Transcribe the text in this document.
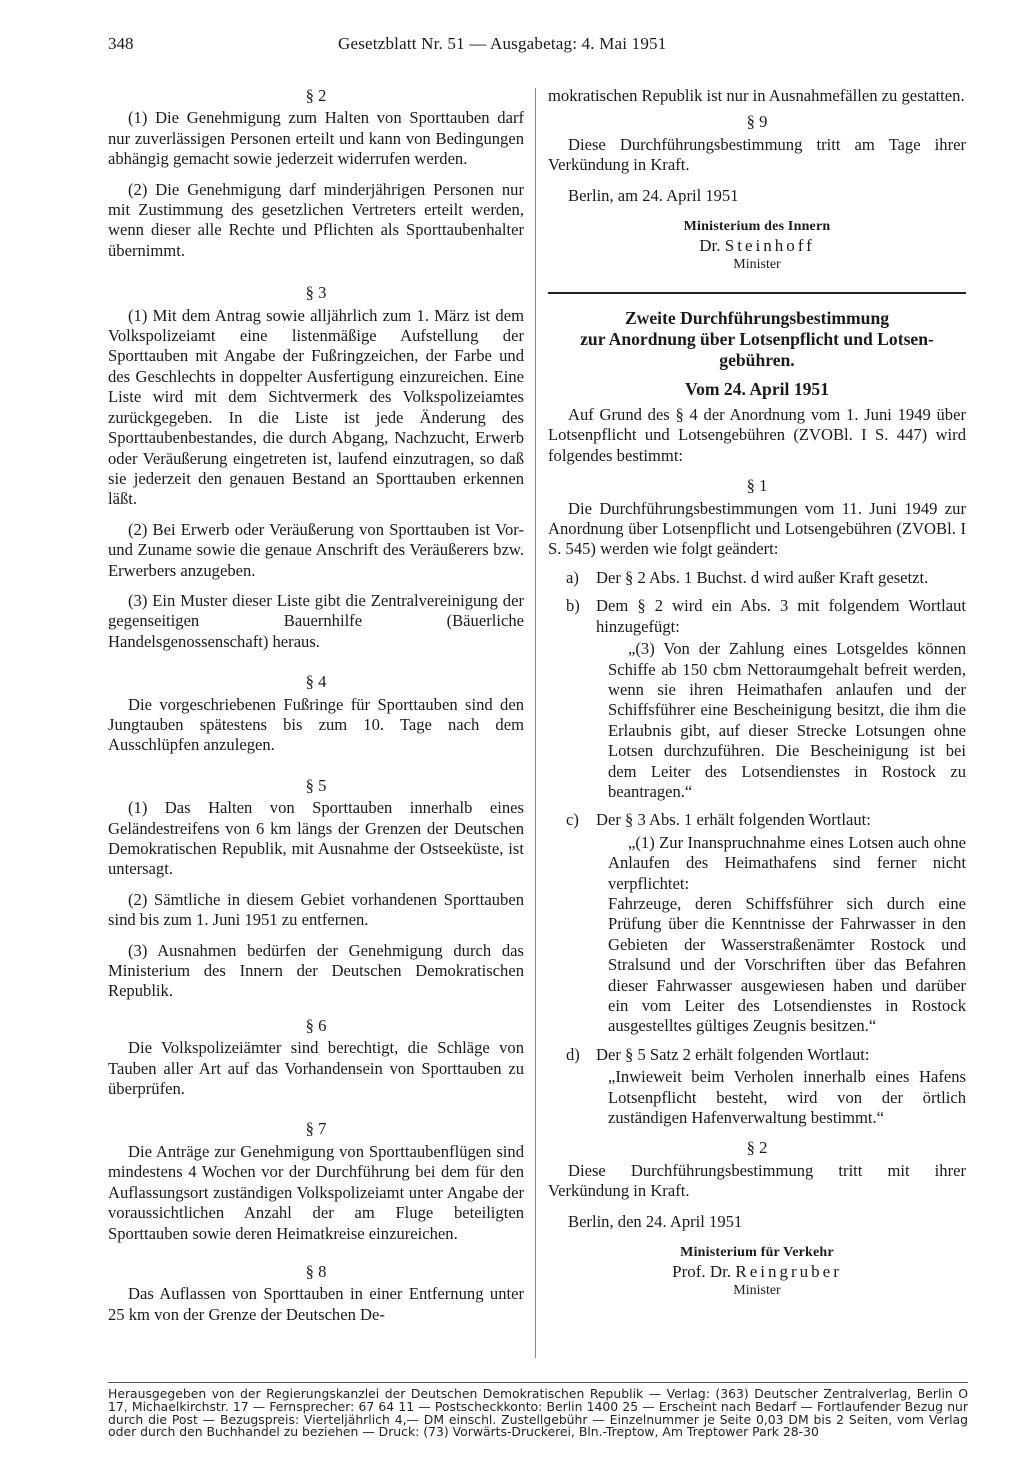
348	Gesetzblatt Nr. 51 — Ausgabetag: 4. Mai 1951

§ 2

(1) Die Genehmigung zum Halten von Sporttauben darf nur zuverlässigen Personen erteilt und kann von Bedingungen abhängig gemacht sowie jederzeit widerrufen werden.

(2) Die Genehmigung darf minderjährigen Personen nur mit Zustimmung des gesetzlichen Vertreters erteilt werden, wenn dieser alle Rechte und Pflichten als Sporttaubenhalter übernimmt.

§ 3

(1) Mit dem Antrag sowie alljährlich zum 1. März ist dem Volkspolizeiamt eine listenmäßige Aufstellung der Sporttauben mit Angabe der Fußringzeichen, der Farbe und des Geschlechts in doppelter Ausfertigung einzureichen. Eine Liste wird mit dem Sichtvermerk des Volkspolizeiamtes zurückgegeben. In die Liste ist jede Änderung des Sporttaubenbestandes, die durch Abgang, Nachzucht, Erwerb oder Veräußerung eingetreten ist, laufend einzutragen, so daß sie jederzeit den genauen Bestand an Sporttauben erkennen läßt.

(2) Bei Erwerb oder Veräußerung von Sporttauben ist Vor- und Zuname sowie die genaue Anschrift des Veräußerers bzw. Erwerbers anzugeben.

(3) Ein Muster dieser Liste gibt die Zentralvereinigung der gegenseitigen Bauernhilfe (Bäuerliche Handelsgenossenschaft) heraus.

§ 4

Die vorgeschriebenen Fußringe für Sporttauben sind den Jungtauben spätestens bis zum 10. Tage nach dem Ausschlüpfen anzulegen.

§ 5

(1) Das Halten von Sporttauben innerhalb eines Geländestreifens von 6 km längs der Grenzen der Deutschen Demokratischen Republik, mit Ausnahme der Ostseeküste, ist untersagt.

(2) Sämtliche in diesem Gebiet vorhandenen Sporttauben sind bis zum 1. Juni 1951 zu entfernen.

(3) Ausnahmen bedürfen der Genehmigung durch das Ministerium des Innern der Deutschen Demokratischen Republik.

§ 6

Die Volkspolizeiämter sind berechtigt, die Schläge von Tauben aller Art auf das Vorhandensein von Sporttauben zu überprüfen.

§ 7

Die Anträge zur Genehmigung von Sporttaubenflügen sind mindestens 4 Wochen vor der Durchführung bei dem für den Auflassungsort zuständigen Volkspolizeiamt unter Angabe der voraussichtlichen Anzahl der am Fluge beteiligten Sporttauben sowie deren Heimatkreise einzureichen.

§ 8

Das Auflassen von Sporttauben in einer Entfernung unter 25 km von der Grenze der Deutschen De-

mokratischen Republik ist nur in Ausnahmefällen zu gestatten.

§ 9

Diese Durchführungsbestimmung tritt am Tage ihrer Verkündung in Kraft.

Berlin, am 24. April 1951

Ministerium des Innern
Dr. Steinhoff
Minister

Zweite Durchführungsbestimmung

zur Anordnung über Lotsenpflicht und Lotsen-

gebühren.

Vom 24. April 1951

Auf Grund des § 4 der Anordnung vom 1. Juni 1949 über Lotsenpflicht und Lotsengebühren (ZVOBl. I S. 447) wird folgendes bestimmt:

§ 1

Die Durchführungsbestimmungen vom 11. Juni 1949 zur Anordnung über Lotsenpflicht und Lotsengebühren (ZVOBl. I S. 545) werden wie folgt geändert:

a)	Der § 2 Abs. 1 Buchst. d wird außer Kraft gesetzt.
b) Dem § 2 wird ein Abs. 3 mit folgendem Wortlaut hinzugefügt:

„(3) Von der Zahlung eines Lotsgeldes können Schiffe ab 150 cbm Nettoraumgehalt befreit werden, wenn sie ihren Heimathafen anlaufen und der Schiffsführer eine Bescheinigung besitzt, die ihm die Erlaubnis gibt, auf dieser Strecke Lotsungen ohne Lotsen durchzuführen. Die Bescheinigung ist bei dem Leiter des Lotsendienstes in Rostock zu beantragen.“

c)	Der § 3 Abs. 1 erhält folgenden Wortlaut:

„(1) Zur Inanspruchnahme eines Lotsen auch ohne Anlaufen des Heimathafens sind ferner nicht verpflichtet:

Fahrzeuge, deren Schiffsführer sich durch eine Prüfung über die Kenntnisse der Fahrwasser in den Gebieten der Wasserstraßenämter Rostock und Stralsund und der Vorschriften über das Befahren dieser Fahrwasser ausgewiesen haben und darüber ein vom Leiter des Lotsendienstes in Rostock ausgestelltes gültiges Zeugnis besitzen.“

d) Der § 5 Satz 2 erhält folgenden Wortlaut:

„Inwieweit beim Verholen innerhalb eines Hafens Lotsenpflicht besteht, wird von der örtlich zuständigen Hafenverwaltung bestimmt.“

§ 2

Diese Durchführungsbestimmung tritt mit ihrer Verkündung in Kraft.

Berlin, den 24. April 1951

Ministerium für Verkehr
Prof. Dr. Reingruber
Minister
Herausgegeben von der Regierungskanzlei der Deutschen Demokratischen Republik — Verlag: (363) Deutscher Zentralverlag, Berlin O 17, Michaelkirchstr. 17 — Fernsprecher: 67 64 11 — Postscheckkonto: Berlin 1400 25 — Erscheint nach Bedarf — Fortlaufender Bezug nur durch die Post — Bezugspreis: Vierteljährlich 4,— DM einschl. Zustellgebühr — Einzelnummer je Seite 0,03 DM bis 2 Seiten, vom Verlag oder durch den Buchhandel zu beziehen — Druck: (73) Vorwärts-Druckerei, Bln.-Treptow, Am Treptower Park 28-30
